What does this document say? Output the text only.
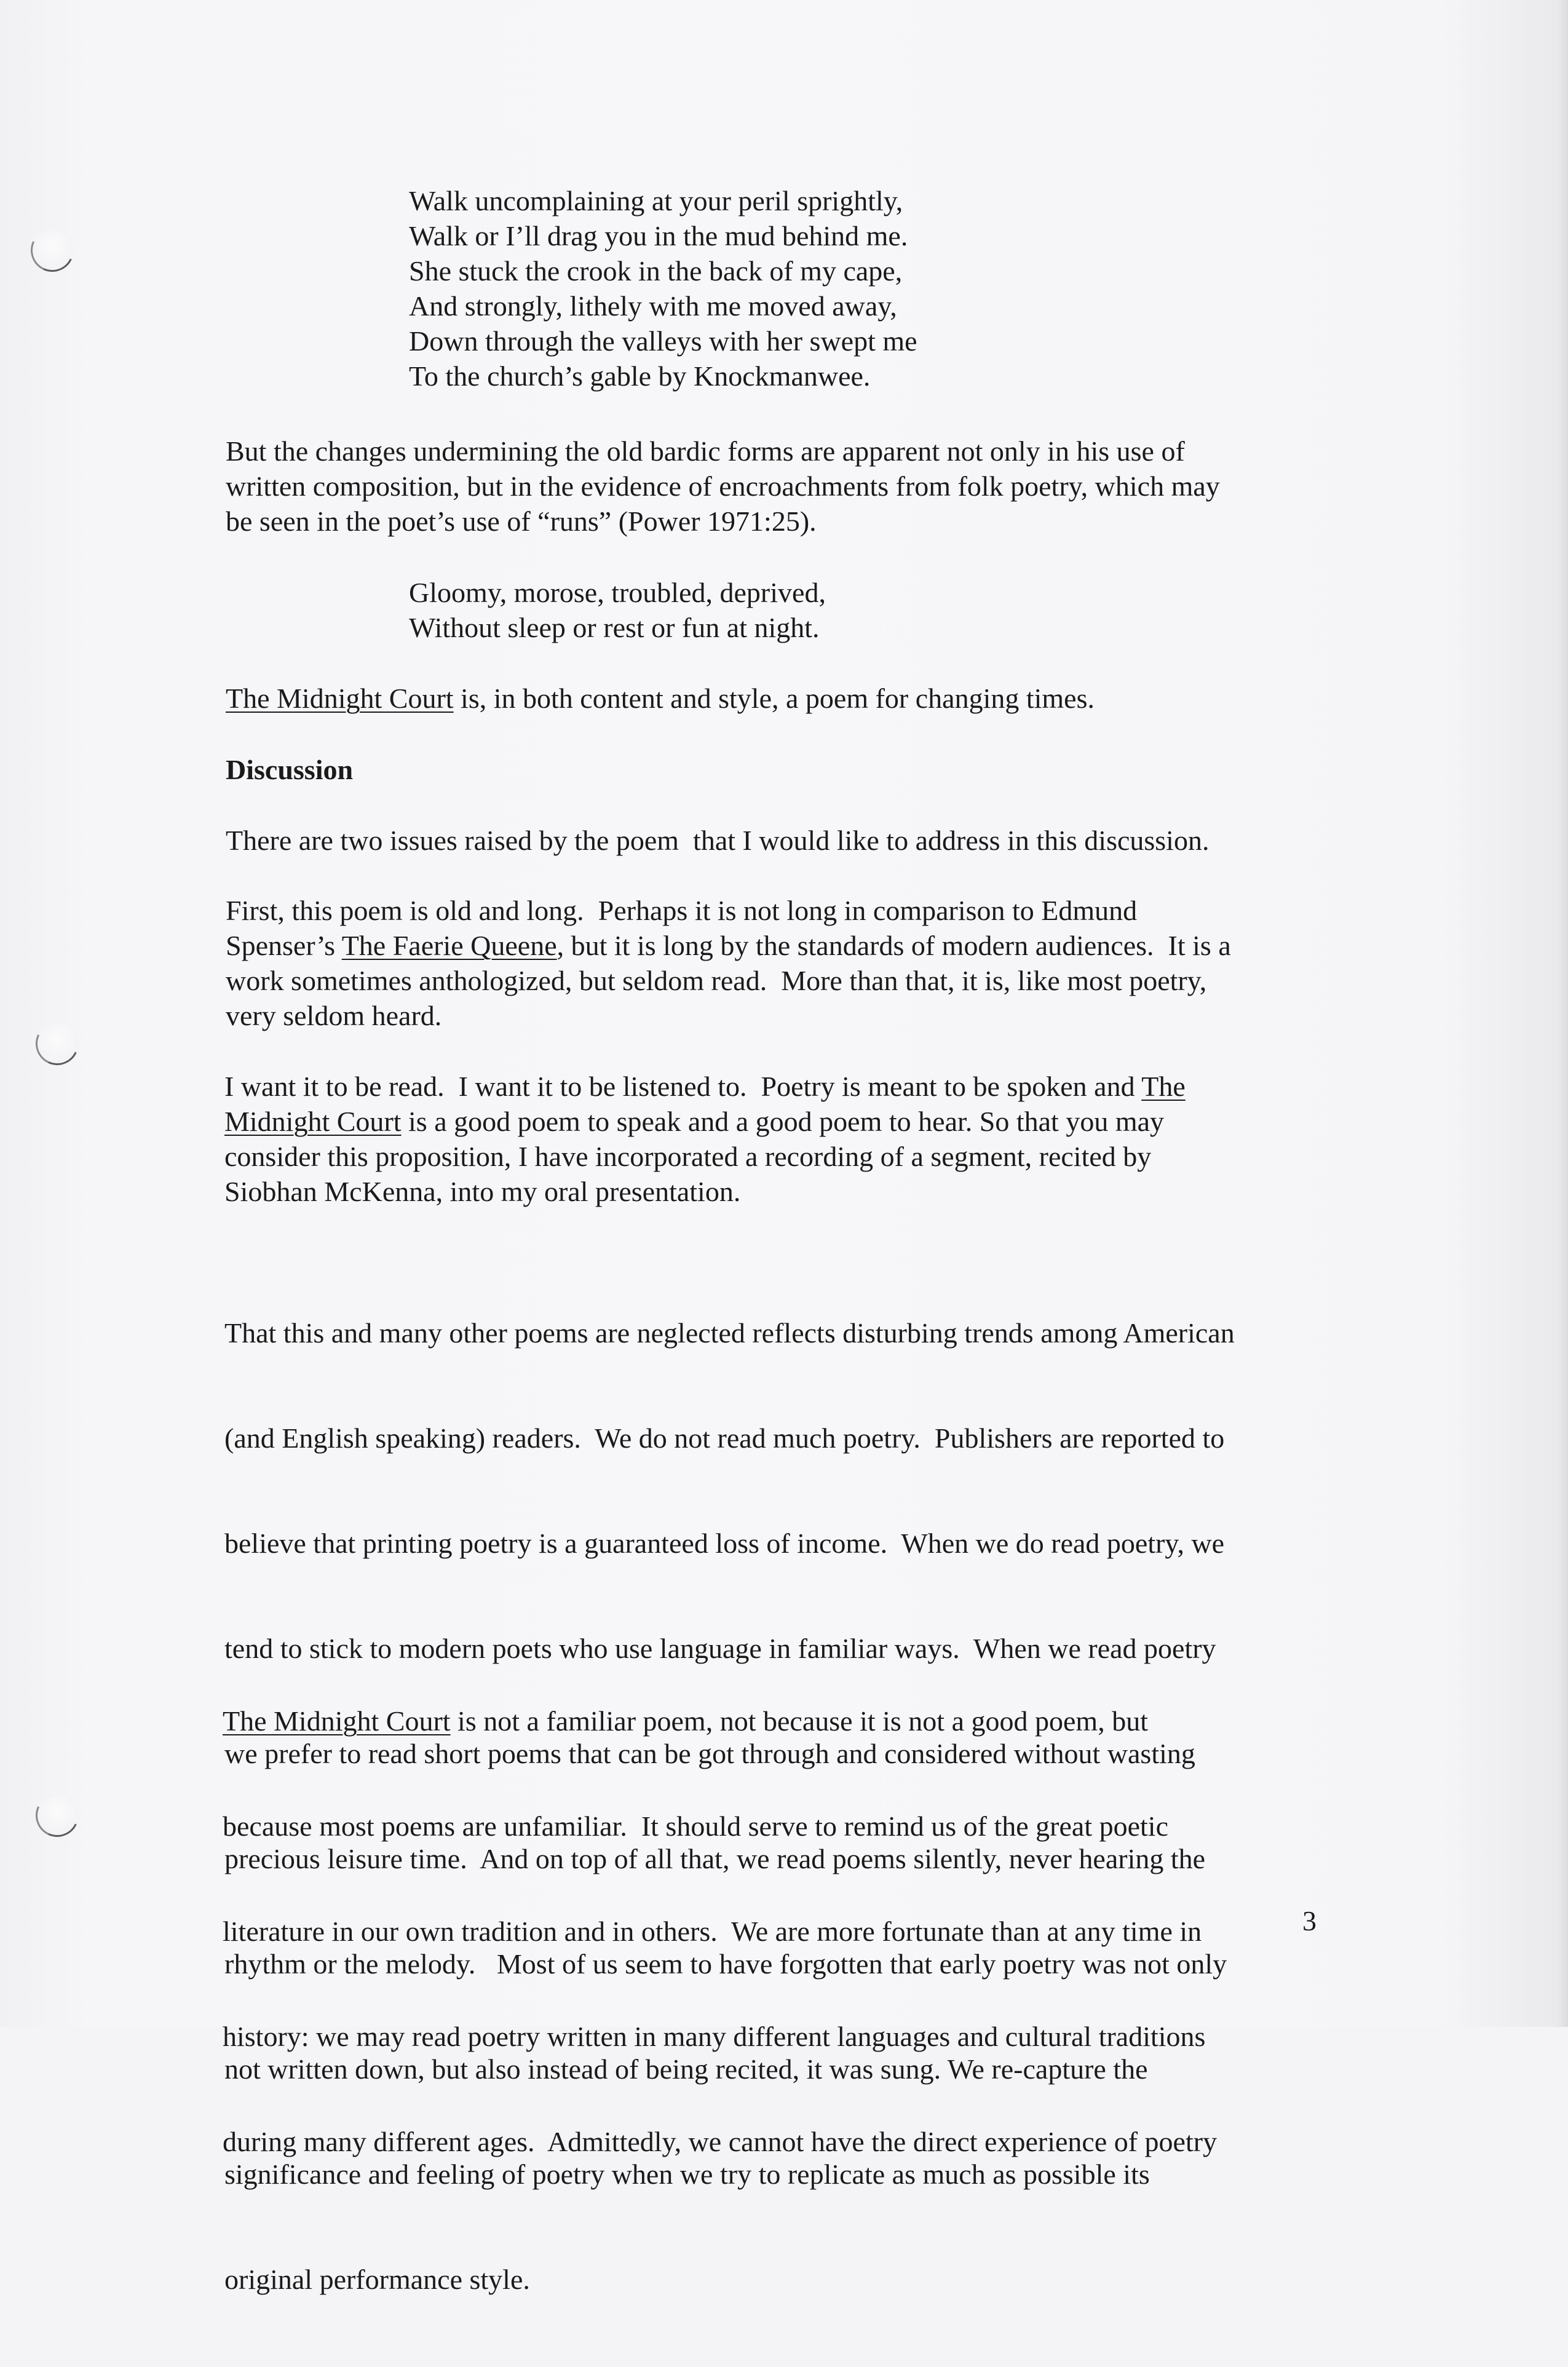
Walk uncomplaining at your peril sprightly,
Walk or I’ll drag you in the mud behind me.
She stuck the crook in the back of my cape,
And strongly, lithely with me moved away,
Down through the valleys with her swept me
To the church’s gable by Knockmanwee.
But the changes undermining the old bardic forms are apparent not only in his use of
written composition, but in the evidence of encroachments from folk poetry, which may
be seen in the poet’s use of “runs” (Power 1971:25).
Gloomy, morose, troubled, deprived,
Without sleep or rest or fun at night.
The Midnight Court is, in both content and style, a poem for changing times.
Discussion
There are two issues raised by the poem  that I would like to address in this discussion.
First, this poem is old and long.  Perhaps it is not long in comparison to Edmund
Spenser’s The Faerie Queene, but it is long by the standards of modern audiences.  It is a
work sometimes anthologized, but seldom read.  More than that, it is, like most poetry,
very seldom heard.
I want it to be read.  I want it to be listened to.  Poetry is meant to be spoken and The
Midnight Court is a good poem to speak and a good poem to hear. So that you may
consider this proposition, I have incorporated a recording of a segment, recited by
Siobhan McKenna, into my oral presentation.

That this and many other poems are neglected reflects disturbing trends among American

(and English speaking) readers.  We do not read much poetry.  Publishers are reported to

believe that printing poetry is a guaranteed loss of income.  When we do read poetry, we

tend to stick to modern poets who use language in familiar ways.  When we read poetry

we prefer to read short poems that can be got through and considered without wasting

precious leisure time.  And on top of all that, we read poems silently, never hearing the

rhythm or the melody.   Most of us seem to have forgotten that early poetry was not only

not written down, but also instead of being recited, it was sung. We re-capture the

significance and feeling of poetry when we try to replicate as much as possible its

original performance style.

The Midnight Court is not a familiar poem, not because it is not a good poem, but

because most poems are unfamiliar.  It should serve to remind us of the great poetic

literature in our own tradition and in others.  We are more fortunate than at any time in

history: we may read poetry written in many different languages and cultural traditions

during many different ages.  Admittedly, we cannot have the direct experience of poetry

3
